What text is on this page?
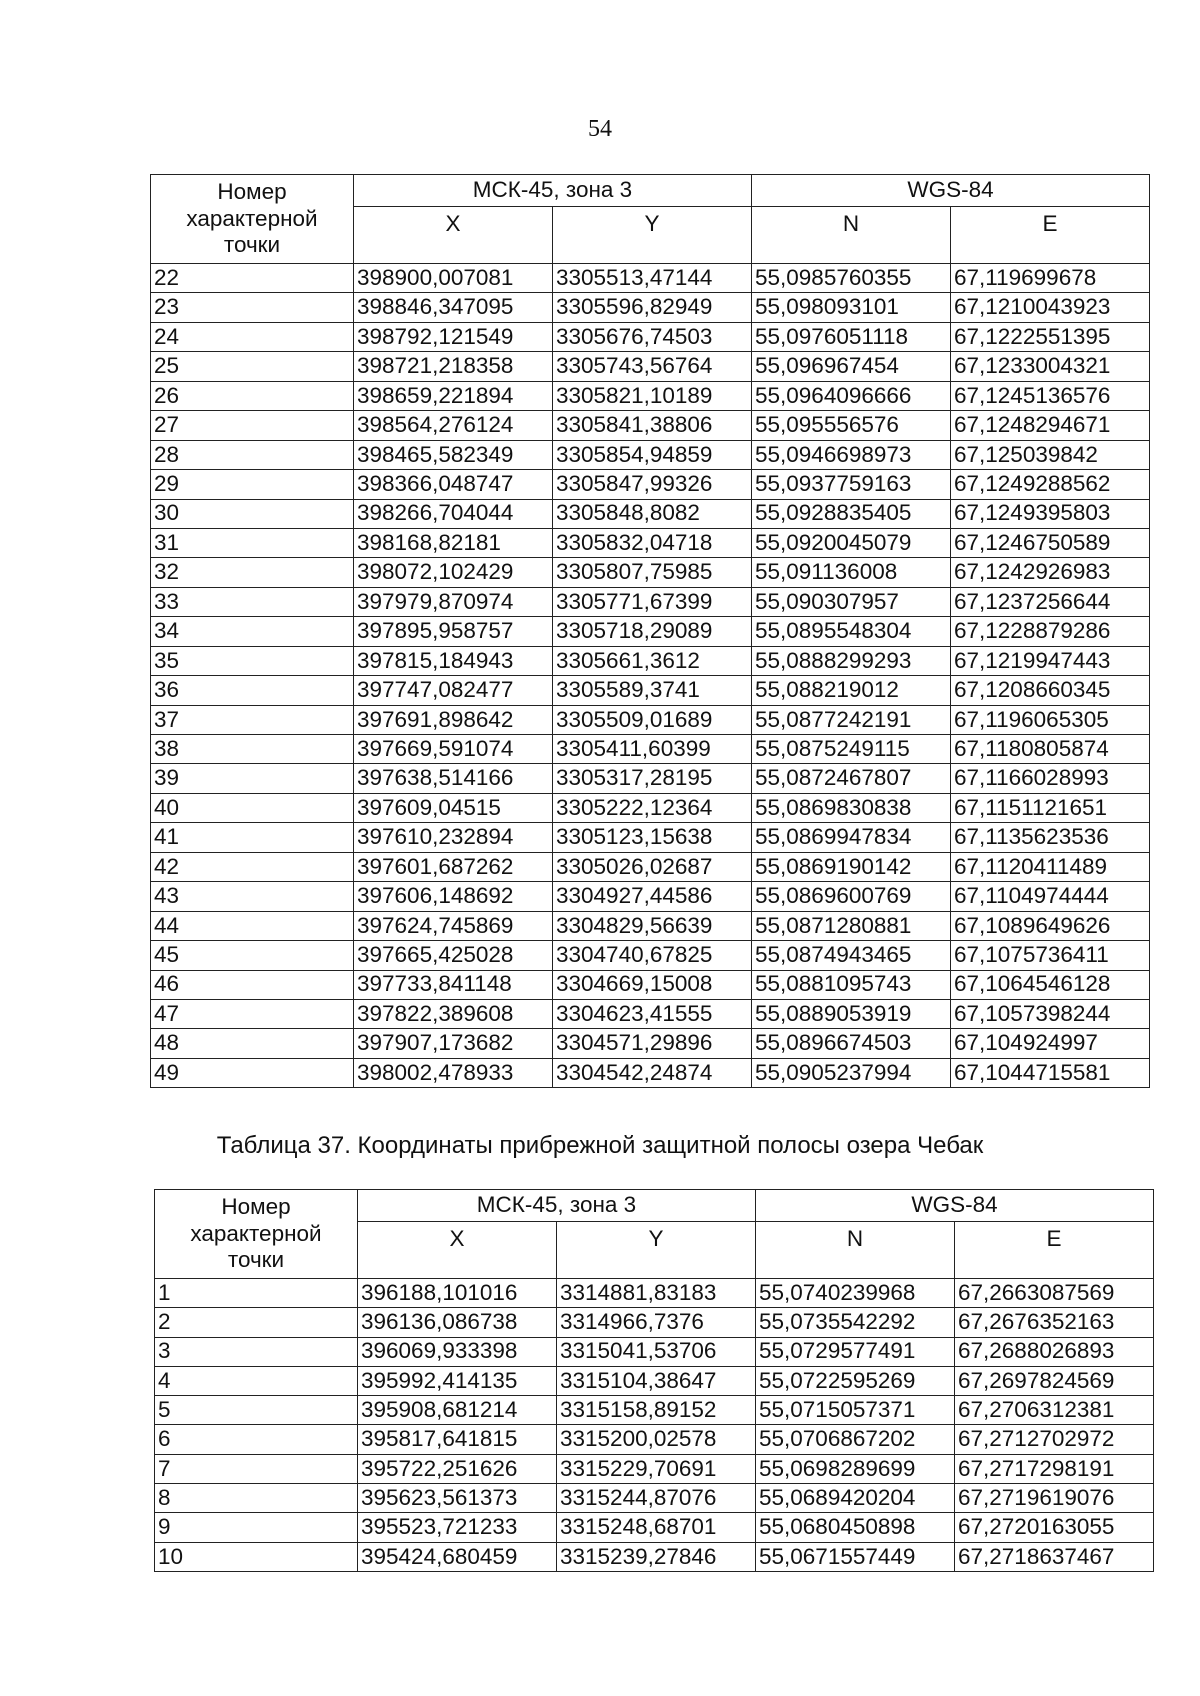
54
Номер
характерной
точки	МСК-45, зона 3		WGS-84	
	X	Y	N	E
22	398900,007081	3305513,47144	55,0985760355	67,119699678
23	398846,347095	3305596,82949	55,098093101	67,1210043923
24	398792,121549	3305676,74503	55,0976051118	67,1222551395
25	398721,218358	3305743,56764	55,096967454	67,1233004321
26	398659,221894	3305821,10189	55,0964096666	67,1245136576
27	398564,276124	3305841,38806	55,095556576	67,1248294671
28	398465,582349	3305854,94859	55,0946698973	67,125039842
29	398366,048747	3305847,99326	55,0937759163	67,1249288562
30	398266,704044	3305848,8082	55,0928835405	67,1249395803
31	398168,82181	3305832,04718	55,0920045079	67,1246750589
32	398072,102429	3305807,75985	55,091136008	67,1242926983
33	397979,870974	3305771,67399	55,090307957	67,1237256644
34	397895,958757	3305718,29089	55,0895548304	67,1228879286
35	397815,184943	3305661,3612	55,0888299293	67,1219947443
36	397747,082477	3305589,3741	55,088219012	67,1208660345
37	397691,898642	3305509,01689	55,0877242191	67,1196065305
38	397669,591074	3305411,60399	55,0875249115	67,1180805874
39	397638,514166	3305317,28195	55,0872467807	67,1166028993
40	397609,04515	3305222,12364	55,0869830838	67,1151121651
41	397610,232894	3305123,15638	55,0869947834	67,1135623536
42	397601,687262	3305026,02687	55,0869190142	67,1120411489
43	397606,148692	3304927,44586	55,0869600769	67,1104974444
44	397624,745869	3304829,56639	55,0871280881	67,1089649626
45	397665,425028	3304740,67825	55,0874943465	67,1075736411
46	397733,841148	3304669,15008	55,0881095743	67,1064546128
47	397822,389608	3304623,41555	55,0889053919	67,1057398244
48	397907,173682	3304571,29896	55,0896674503	67,104924997
49	398002,478933	3304542,24874	55,0905237994	67,1044715581
Таблица 37. Координаты прибрежной защитной полосы озера Чебак
Номер
характерной
точки	МСК-45, зона 3		WGS-84	
	X	Y	N	E
1	396188,101016	3314881,83183	55,0740239968	67,2663087569
2	396136,086738	3314966,7376	55,0735542292	67,2676352163
3	396069,933398	3315041,53706	55,0729577491	67,2688026893
4	395992,414135	3315104,38647	55,0722595269	67,2697824569
5	395908,681214	3315158,89152	55,0715057371	67,2706312381
6	395817,641815	3315200,02578	55,0706867202	67,2712702972
7	395722,251626	3315229,70691	55,0698289699	67,2717298191
8	395623,561373	3315244,87076	55,0689420204	67,2719619076
9	395523,721233	3315248,68701	55,0680450898	67,2720163055
10	395424,680459	3315239,27846	55,0671557449	67,2718637467
